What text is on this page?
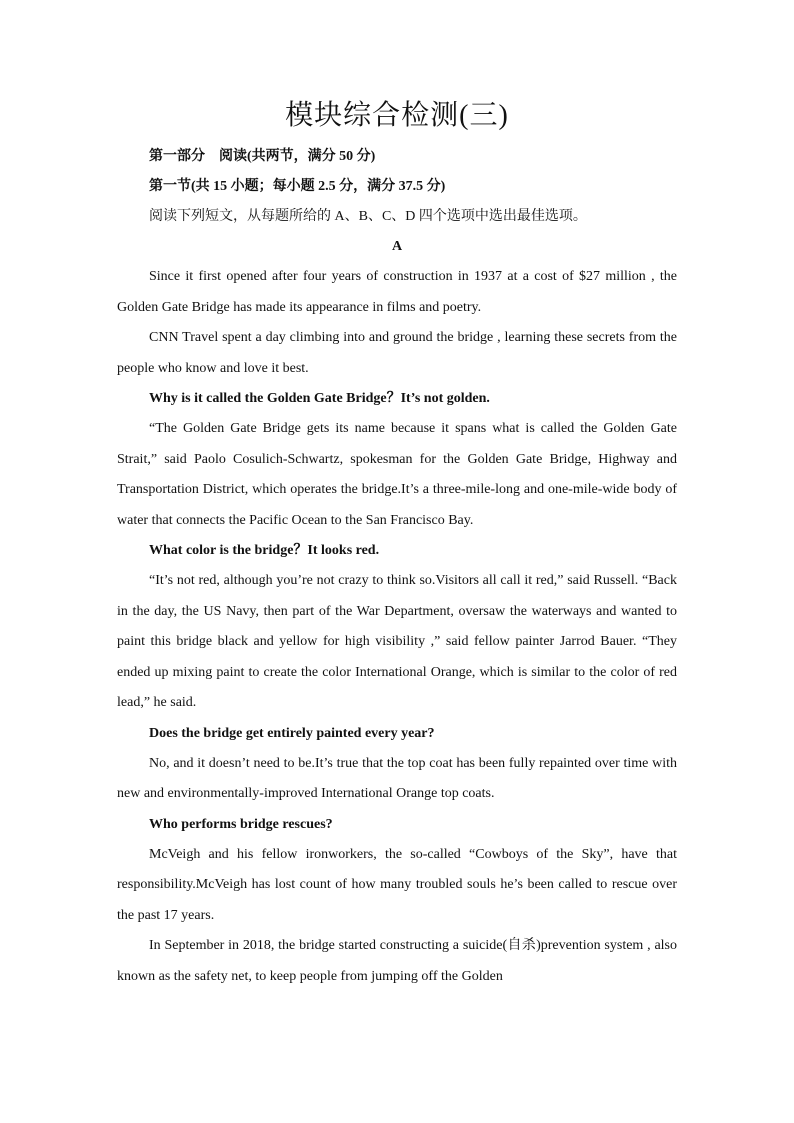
模块综合检测(三)

第一部分　阅读(共两节，满分 50 分)

第一节(共 15 小题；每小题 2.5 分，满分 37.5 分)

阅读下列短文，从每题所给的 A、B、C、D 四个选项中选出最佳选项。

A

Since it first opened after four years of construction in 1937 at a cost of $27 million , the Golden Gate Bridge has made its appearance in films and poetry.

CNN Travel spent a day climbing into and ground the bridge , learning these secrets from the people who know and love it best.

Why is it called the Golden Gate Bridge？It’s not golden.

“The Golden Gate Bridge gets its name because it spans what is called the Golden Gate Strait,” said Paolo Cosulich-Schwartz, spokesman for the Golden Gate Bridge, Highway and Transportation District, which operates the bridge.It’s a three-mile-long and one-mile-wide body of water that connects the Pacific Ocean to the San Francisco Bay.

What color is the bridge？It looks red.

“It’s not red, although you’re not crazy to think so.Visitors all call it red,” said Russell. “Back in the day, the US Navy, then part of the War Department, oversaw the waterways and wanted to paint this bridge black and yellow for high visibility ,” said fellow painter Jarrod Bauer. “They ended up mixing paint to create the color International Orange, which is similar to the color of red lead,” he said.

Does the bridge get entirely painted every year?

No, and it doesn’t need to be.It’s true that the top coat has been fully repainted over time with new and environmentally-improved International Orange top coats.

Who performs bridge rescues?

McVeigh and his fellow ironworkers, the so-called “Cowboys of the Sky”, have that responsibility.McVeigh has lost count of how many troubled souls he’s been called to rescue over the past 17 years.

In September in 2018, the bridge started constructing a suicide(自杀)prevention system , also known as the safety net, to keep people from jumping off the Golden
